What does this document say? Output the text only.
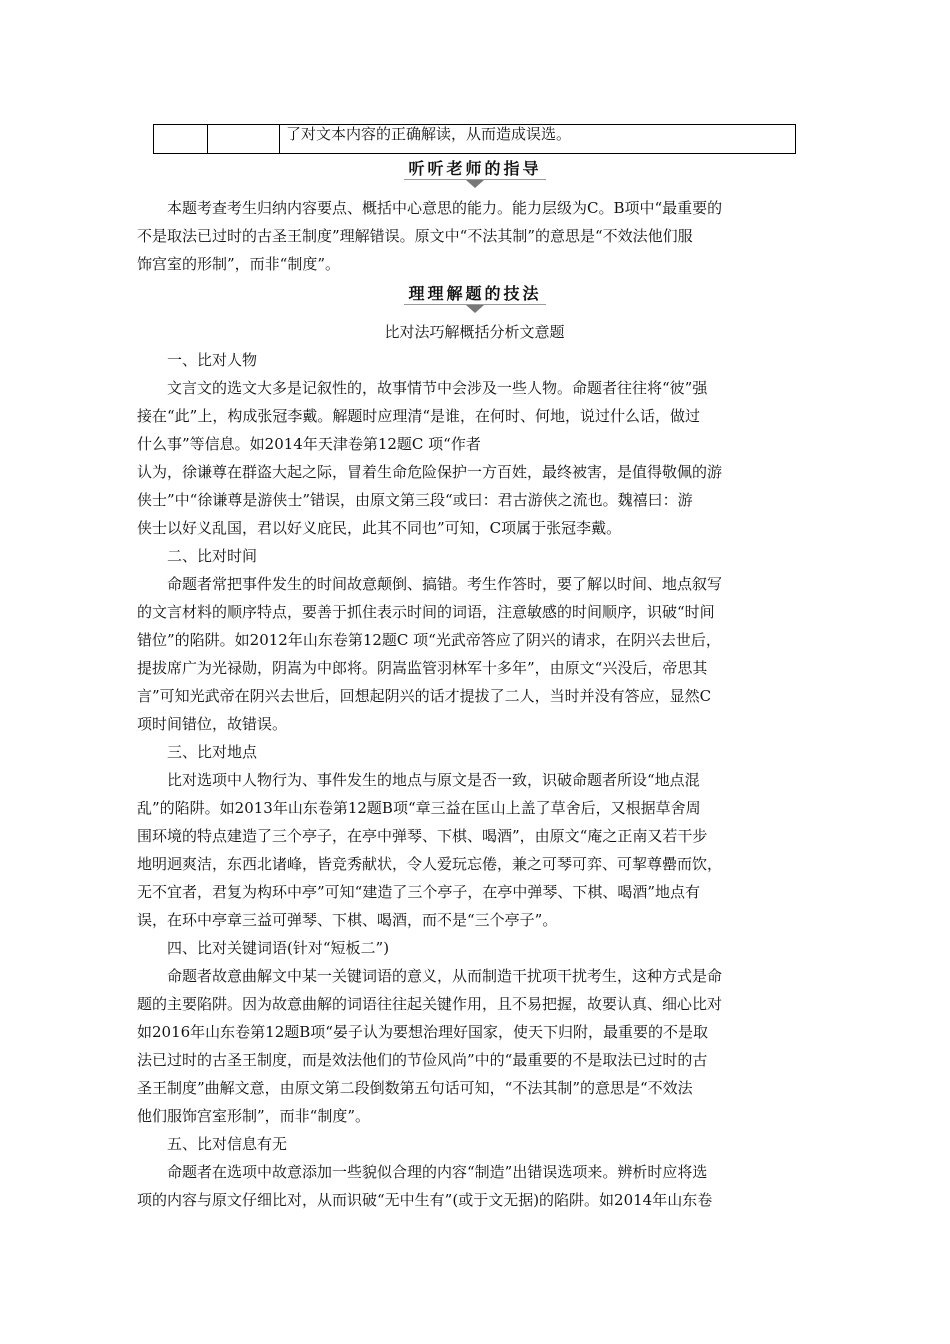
了对文本内容的正确解读，从而造成误选。
听听老师的指导

本题考查考生归纳内容要点、概括中心意思的能力。能力层级为C。B项中“最重要的

不是取法已过时的古圣王制度”理解错误。原文中“不法其制”的意思是“不效法他们服

饰宫室的形制”，而非“制度”。

理理解题的技法

比对法巧解概括分析文意题

一、比对人物

文言文的选文大多是记叙性的，故事情节中会涉及一些人物。命题者往往将“彼”强

接在“此”上，构成张冠李戴。解题时应理清“是谁，在何时、何地，说过什么话，做过

什么事”等信息。如2014年天津卷第12题C 项“作者

认为，徐谦尊在群盗大起之际，冒着生命危险保护一方百姓，最终被害，是值得敬佩的游

侠士”中“徐谦尊是游侠士”错误，由原文第三段“或曰：君古游侠之流也。魏禧曰：游

侠士以好义乱国，君以好义庇民，此其不同也”可知，C项属于张冠李戴。

二、比对时间

命题者常把事件发生的时间故意颠倒、搞错。考生作答时，要了解以时间、地点叙写

的文言材料的顺序特点，要善于抓住表示时间的词语，注意敏感的时间顺序，识破“时间

错位”的陷阱。如2012年山东卷第12题C 项“光武帝答应了阴兴的请求，在阴兴去世后，

提拔席广为光禄勋，阴嵩为中郎将。阴嵩监管羽林军十多年”，由原文“兴没后，帝思其

言”可知光武帝在阴兴去世后，回想起阴兴的话才提拔了二人，当时并没有答应，显然C

项时间错位，故错误。

三、比对地点

比对选项中人物行为、事件发生的地点与原文是否一致，识破命题者所设“地点混

乱”的陷阱。如2013年山东卷第12题B项“章三益在匡山上盖了草舍后，又根据草舍周

围环境的特点建造了三个亭子，在亭中弹琴、下棋、喝酒”，由原文“庵之正南又若干步

地明迥爽洁，东西北诸峰，皆竞秀献状，令人爱玩忘倦，兼之可琴可弈、可挈尊罍而饮，

无不宜者，君复为构环中亭”可知“建造了三个亭子，在亭中弹琴、下棋、喝酒”地点有

误，在环中亭章三益可弹琴、下棋、喝酒，而不是“三个亭子”。

四、比对关键词语(针对“短板二”)

命题者故意曲解文中某一关键词语的意义，从而制造干扰项干扰考生，这种方式是命

题的主要陷阱。因为故意曲解的词语往往起关键作用，且不易把握，故要认真、细心比对

如2016年山东卷第12题B项“晏子认为要想治理好国家，使天下归附，最重要的不是取

法已过时的古圣王制度，而是效法他们的节俭风尚”中的“最重要的不是取法已过时的古

圣王制度”曲解文意，由原文第二段倒数第五句话可知，“不法其制”的意思是“不效法

他们服饰宫室形制”，而非“制度”。

五、比对信息有无

命题者在选项中故意添加一些貌似合理的内容“制造”出错误选项来。辨析时应将选

项的内容与原文仔细比对，从而识破“无中生有”(或于文无据)的陷阱。如2014年山东卷
